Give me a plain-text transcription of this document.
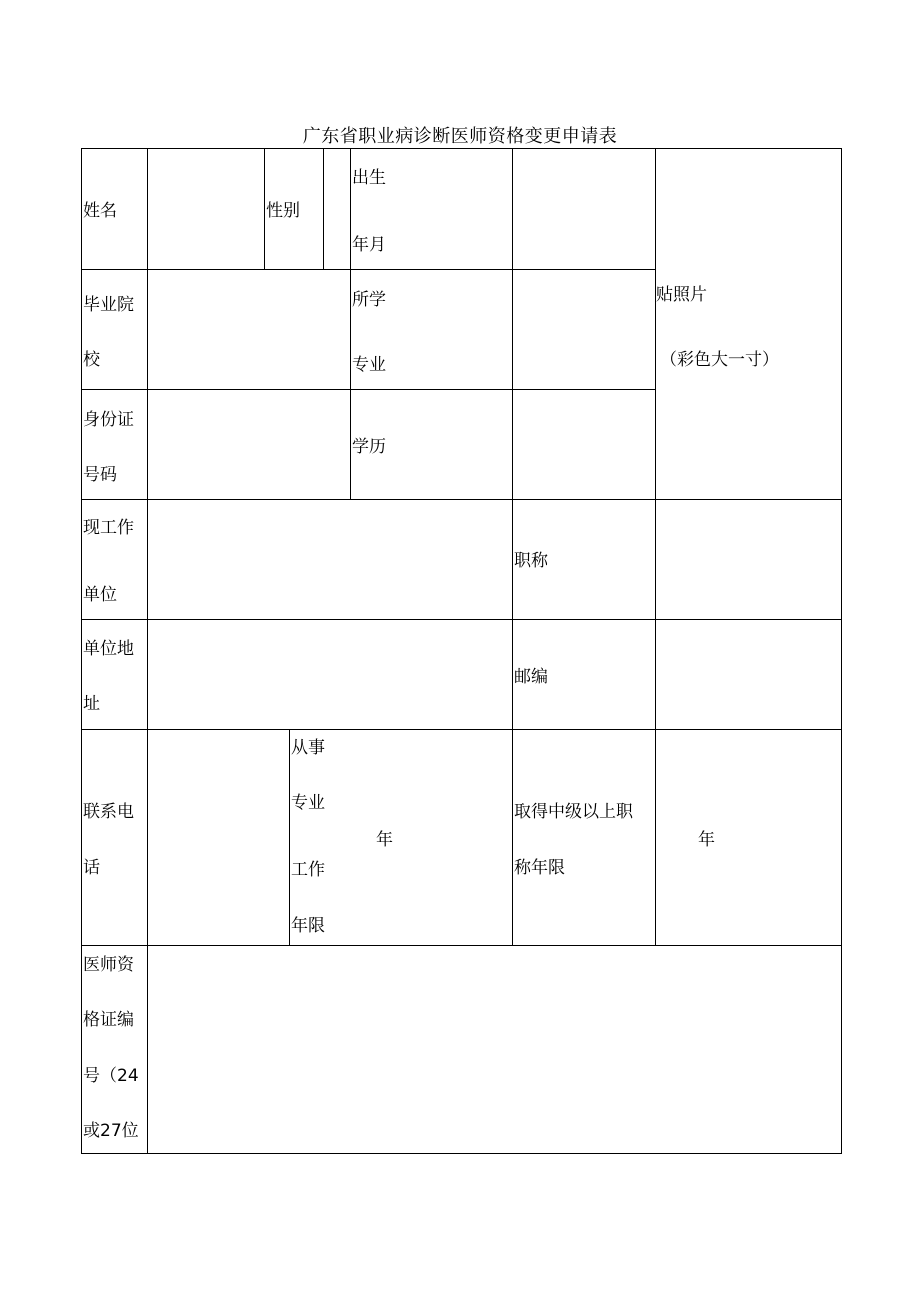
广东省职业病诊断医师资格变更申请表
姓名	性别
出生
年月
贴照片
（彩色大一寸）
毕业院
校
所学
专业
身份证
号码
学历
现工作
单位
职称
单位地
址
邮编
联系电
话
从事
专业
工作
年限
年
取得中级以上职
称年限
年
医师资
格证编
号（24
或27位
